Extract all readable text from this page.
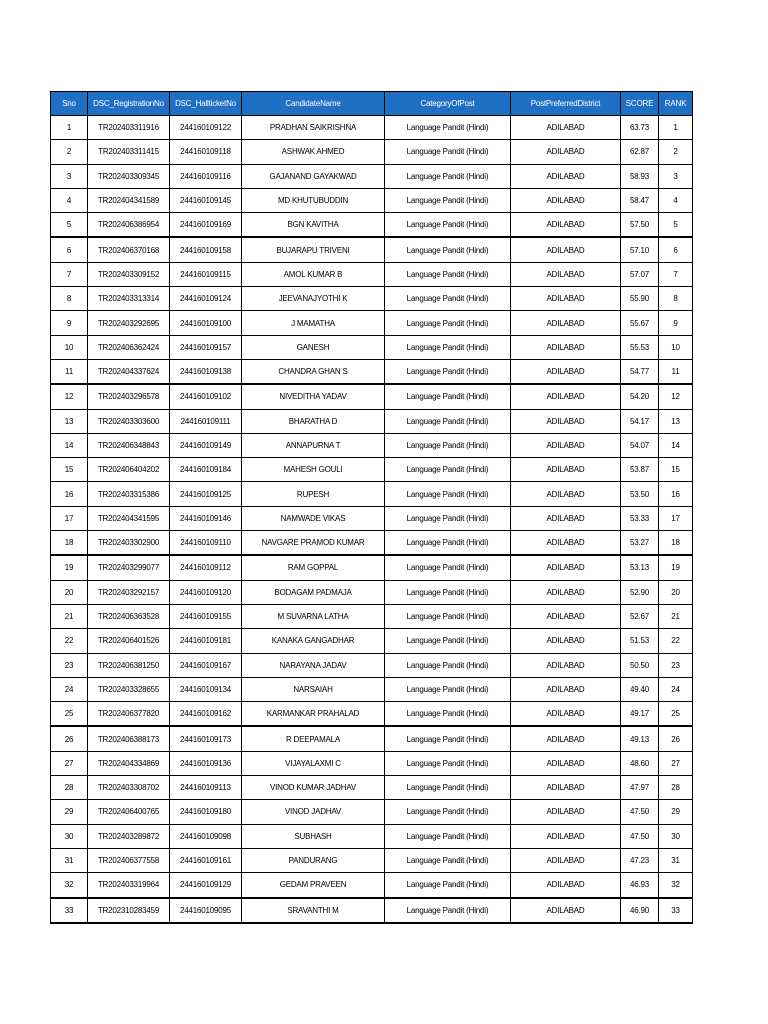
Sno	DSC_RegistrationNo	DSC_HallticketNo	CandidateName	CategoryOfPost	PostPreferredDistrict	SCORE	RANK
1	TR202403311916	244160109122	PRADHAN SAIKRISHNA	Language Pandit (Hindi)	ADILABAD	63.73	1
2	TR202403311415	244160109118	ASHWAK AHMED	Language Pandit (Hindi)	ADILABAD	62.87	2
3	TR202403309345	244160109116	GAJANAND GAYAKWAD	Language Pandit (Hindi)	ADILABAD	58.93	3
4	TR202404341589	244160109145	MD KHUTUBUDDIN	Language Pandit (Hindi)	ADILABAD	58.47	4
5	TR202406386954	244160109169	BGN KAVITHA	Language Pandit (Hindi)	ADILABAD	57.50	5
6	TR202406370168	244160109158	BUJARAPU TRIVENI	Language Pandit (Hindi)	ADILABAD	57.10	6
7	TR202403309152	244160109115	AMOL KUMAR B	Language Pandit (Hindi)	ADILABAD	57.07	7
8	TR202403313314	244160109124	JEEVANAJYOTHI K	Language Pandit (Hindi)	ADILABAD	55.90	8
9	TR202403292695	244160109100	J MAMATHA	Language Pandit (Hindi)	ADILABAD	55.67	9
10	TR202406362424	244160109157	GANESH	Language Pandit (Hindi)	ADILABAD	55.53	10
11	TR202404337624	244160109138	CHANDRA GHAN S	Language Pandit (Hindi)	ADILABAD	54.77	11
12	TR202403296578	244160109102	NIVEDITHA YADAV	Language Pandit (Hindi)	ADILABAD	54.20	12
13	TR202403303600	244160109111	BHARATHA D	Language Pandit (Hindi)	ADILABAD	54.17	13
14	TR202406348843	244160109149	ANNAPURNA T	Language Pandit (Hindi)	ADILABAD	54.07	14
15	TR202406404202	244160109184	MAHESH GOULI	Language Pandit (Hindi)	ADILABAD	53.87	15
16	TR202403315386	244160109125	RUPESH	Language Pandit (Hindi)	ADILABAD	53.50	16
17	TR202404341595	244160109146	NAMWADE VIKAS	Language Pandit (Hindi)	ADILABAD	53.33	17
18	TR202403302900	244160109110	NAVGARE PRAMOD KUMAR	Language Pandit (Hindi)	ADILABAD	53.27	18
19	TR202403299077	244160109112	RAM GOPPAL	Language Pandit (Hindi)	ADILABAD	53.13	19
20	TR202403292157	244160109120	BODAGAM PADMAJA	Language Pandit (Hindi)	ADILABAD	52.90	20
21	TR202406363528	244160109155	M SUVARNA LATHA	Language Pandit (Hindi)	ADILABAD	52.67	21
22	TR202406401526	244160109181	KANAKA GANGADHAR	Language Pandit (Hindi)	ADILABAD	51.53	22
23	TR202406381250	244160109167	NARAYANA JADAV	Language Pandit (Hindi)	ADILABAD	50.50	23
24	TR202403328655	244160109134	NARSAIAH	Language Pandit (Hindi)	ADILABAD	49.40	24
25	TR202406377820	244160109162	KARMANKAR PRAHALAD	Language Pandit (Hindi)	ADILABAD	49.17	25
26	TR202406388173	244160109173	R DEEPAMALA	Language Pandit (Hindi)	ADILABAD	49.13	26
27	TR202404334869	244160109136	VIJAYALAXMI C	Language Pandit (Hindi)	ADILABAD	48.60	27
28	TR202403308702	244160109113	VINOD KUMAR JADHAV	Language Pandit (Hindi)	ADILABAD	47.97	28
29	TR202406400765	244160109180	VINOD JADHAV	Language Pandit (Hindi)	ADILABAD	47.50	29
30	TR202403289872	244160109098	SUBHASH	Language Pandit (Hindi)	ADILABAD	47.50	30
31	TR202406377558	244160109161	PANDURANG	Language Pandit (Hindi)	ADILABAD	47.23	31
32	TR202403319964	244160109129	GEDAM PRAVEEN	Language Pandit (Hindi)	ADILABAD	46.93	32
33	TR202310283459	244160109095	SRAVANTHI M	Language Pandit (Hindi)	ADILABAD	46.90	33
